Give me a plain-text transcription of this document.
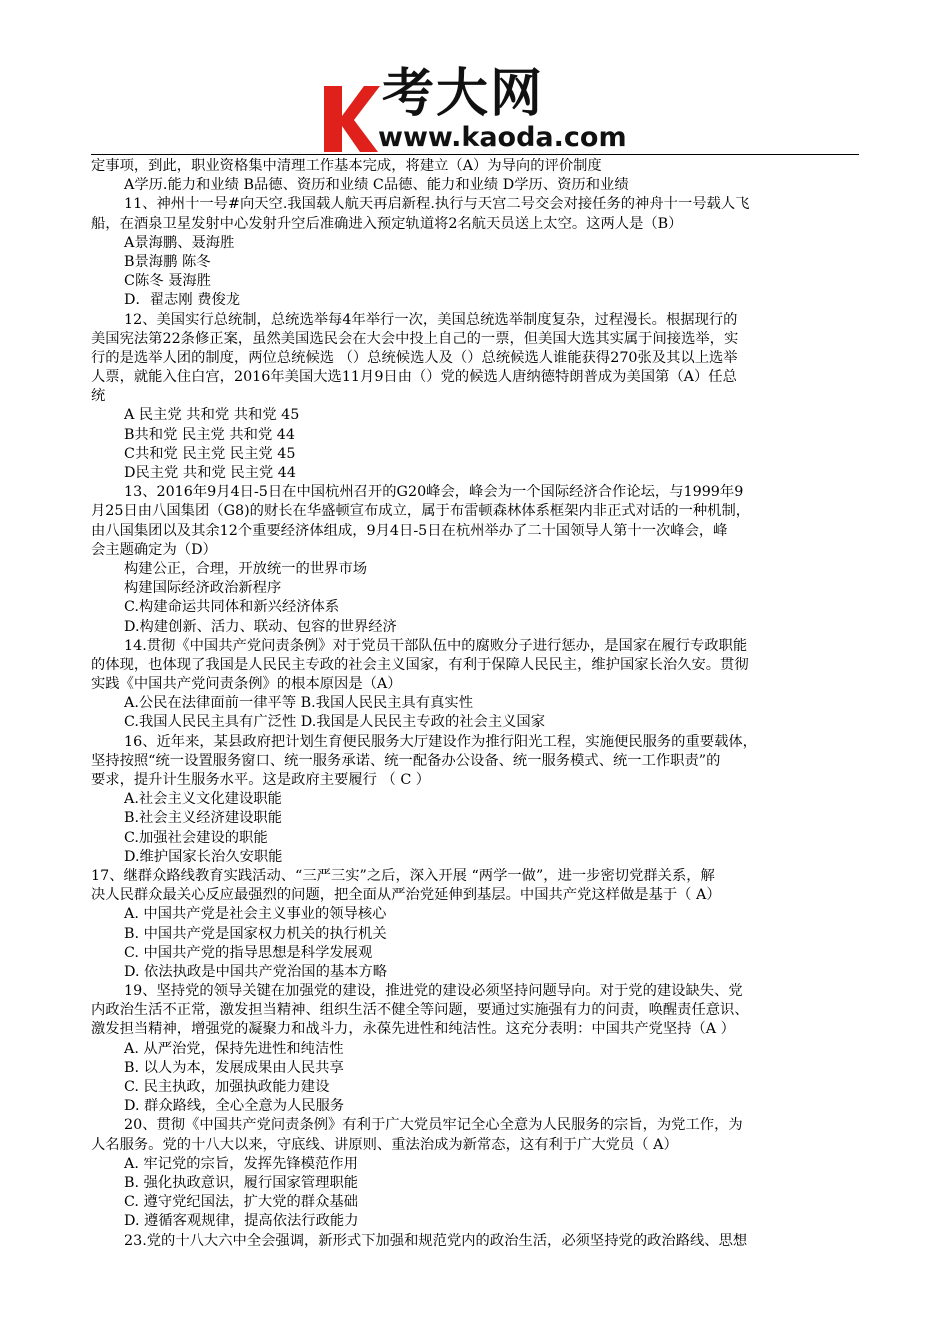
考大网
www.kaoda.com
定事项，到此，职业资格集中清理工作基本完成，将建立（A）为导向的评价制度
A学历.能力和业绩 B品德、资历和业绩 C品德、能力和业绩 D学历、资历和业绩
11、神州十一号#向天空.我国载人航天再启新程.执行与天宫二号交会对接任务的神舟十一号载人飞
船，在酒泉卫星发射中心发射升空后准确进入预定轨道将2名航天员送上太空。这两人是（B）
A景海鹏、聂海胜
B景海鹏 陈冬
C陈冬 聂海胜
D．翟志刚 费俊龙
12、美国实行总统制，总统选举每4年举行一次，美国总统选举制度复杂，过程漫长。根据现行的
美国宪法第22条修正案，虽然美国选民会在大会中投上自己的一票，但美国大选其实属于间接选举，实
行的是选举人团的制度，两位总统候选 （）总统候选人及（）总统候选人谁能获得270张及其以上选举
人票，就能入住白宫，2016年美国大选11月9日由（）党的候选人唐纳德特朗普成为美国第（A）任总
统
A 民主党 共和党 共和党 45
B共和党 民主党 共和党 44
C共和党 民主党 民主党 45
D民主党 共和党 民主党 44
13、2016年9月4日-5日在中国杭州召开的G20峰会，峰会为一个国际经济合作论坛，与1999年9
月25日由八国集团（G8)的财长在华盛顿宣布成立，属于布雷顿森林体系框架内非正式对话的一种机制，
由八国集团以及其余12个重要经济体组成，9月4日-5日在杭州举办了二十国领导人第十一次峰会，峰
会主题确定为（D）
构建公正，合理，开放统一的世界市场
构建国际经济政治新程序
C.构建命运共同体和新兴经济体系
D.构建创新、活力、联动、包容的世界经济
14.贯彻《中国共产党问责条例》对于党员干部队伍中的腐败分子进行惩办，是国家在履行专政职能
的体现，也体现了我国是人民民主专政的社会主义国家，有利于保障人民民主，维护国家长治久安。贯彻
实践《中国共产党问责条例》的根本原因是（A）
A.公民在法律面前一律平等 B.我国人民民主具有真实性
C.我国人民民主具有广泛性 D.我国是人民民主专政的社会主义国家
16、近年来，某县政府把计划生育便民服务大厅建设作为推行阳光工程，实施便民服务的重要载体，
坚持按照“统一设置服务窗口、统一服务承诺、统一配备办公设备、统一服务模式、统一工作职责”的
要求，提升计生服务水平。这是政府主要履行 （ C ）
A.社会主义文化建设职能
B.社会主义经济建设职能
C.加强社会建设的职能
D.维护国家长治久安职能
17、继群众路线教育实践活动、“三严三实”之后，深入开展 “两学一做”，进一步密切党群关系，解
决人民群众最关心反应最强烈的问题，把全面从严治党延伸到基层。中国共产党这样做是基于（ A）
A. 中国共产党是社会主义事业的领导核心
B. 中国共产党是国家权力机关的执行机关
C. 中国共产党的指导思想是科学发展观
D. 依法执政是中国共产党治国的基本方略
19、坚持党的领导关键在加强党的建设，推进党的建设必须坚持问题导向。对于党的建设缺失、党
内政治生活不正常，激发担当精神、组织生活不健全等问题，要通过实施强有力的问责，唤醒责任意识、
激发担当精神，增强党的凝聚力和战斗力，永葆先进性和纯洁性。这充分表明：中国共产党坚持（A ）
A. 从严治党，保持先进性和纯洁性
B. 以人为本，发展成果由人民共享
C. 民主执政，加强执政能力建设
D. 群众路线，全心全意为人民服务
20、贯彻《中国共产党问责条例》有利于广大党员牢记全心全意为人民服务的宗旨，为党工作，为
人名服务。党的十八大以来，守底线、讲原则、重法治成为新常态，这有利于广大党员（ A）
A. 牢记党的宗旨，发挥先锋模范作用
B. 强化执政意识，履行国家管理职能
C. 遵守党纪国法，扩大党的群众基础
D. 遵循客观规律，提高依法行政能力
23.党的十八大六中全会强调，新形式下加强和规范党内的政治生活，必须坚持党的政治路线、思想
